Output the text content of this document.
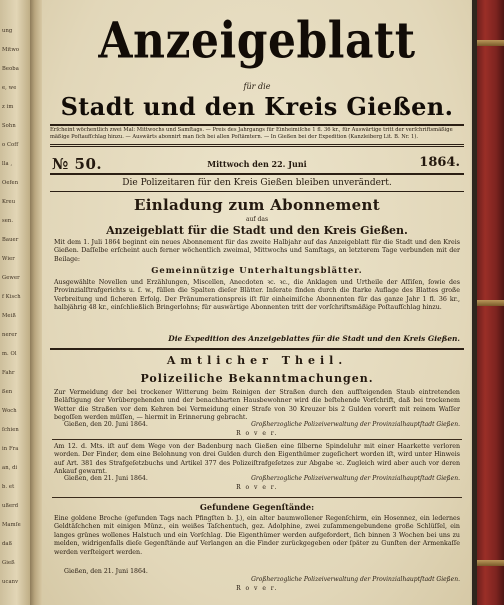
ung
Mitwo
Beoba
e, we
z im
Sohn
o Coff
lla ,
Oefen
Kreu
sen.
Bauer
Wier
Gewer
f Kisch
Meiß
nerer
m. Ol
Fahr
ßen
Woch
ſchien
in Fra
an, di
b. et
ußerd
Mamſe
daß
Gieß
ucanv
Anzeigeblatt
für die
Stadt und den Kreis Gießen.
Erſcheint wöchentlich zwei Mal: Mittwochs und Samſtags. — Preis des Jahrgangs für Einheimiſche 1 fl. 36 kr., für Auswärtige tritt der verſchriftsmäßige
mäßige Poſtaufſchlag hinzu. — Auswärts abonnirt man ſich bei allen Poſtämtern. — In Gießen bei der Expedition (Kanzleiberg Lit. B. Nr. 1).
№ 50.	Mittwoch den 22. Juni	1864.
Die Polizeitaren für den Kreis Gießen bleiben unverändert.
Einladung zum Abonnement
auf das
Anzeigeblatt für die Stadt und den Kreis Gießen.
Mit dem 1. Juli 1864 beginnt ein neues Abonnement für das zweite Halbjahr auf das Anzeigeblatt für die Stadt und den Kreis Gießen. Daſſelbe erſcheint auch ferner wöchentlich zweimal, Mittwochs und Samſtags, an letzterem Tage verbunden mit der Beilage:
Gemeinnützige Unterhaltungsblätter.
Ausgewählte Novellen und Erzählungen, Miscellen, Anecdoten ꝛc. ꝛc., die Anklagen und Urtheile der Aſſiſen, ſowie des Provinzialſtrafgerichts u. ſ. w., füllen die Spalten dieſer Blätter. Inſerate finden durch die ſtarke Auflage des Blattes große Verbreitung und ſicheren Erfolg. Der Pränumerationspreis iſt für einheimiſche Abonnenten für das ganze Jahr 1 fl. 36 kr., halbjährig 48 kr., einſchließlich Bringerlohns; für auswärtige Abonnenten tritt der vorſchriftsmäßige Poſtaufſchlag hinzu.
Die Expedition des Anzeigeblattes für die Stadt und den Kreis Gießen.
Amtlicher Theil.
Polizeiliche Bekanntmachungen.
Zur Vermeidung der bei trockener Witterung beim Reinigen der Straßen durch den aufſteigenden Staub eintretenden Beläſtigung der Vorübergehenden und der benachbarten Hausbewohner wird die beſtehende Vorſchrift, daß bei trockenem Wetter die Straßen vor dem Kehren bei Vermeidung einer Strafe von 30 Kreuzer bis 2 Gulden vorerſt mit reinem Waſſer begoſſen werden müſſen, — hiermit in Erinnerung gebracht.
Gießen, den 20. Juni 1864.	Großherzogliche Polizeiverwaltung der Provinzialhauptſtadt Gießen.
R o v e r.
Am 12. d. Mts. iſt auf dem Wege von der Badenburg nach Gießen eine ſilberne Spindeluhr mit einer Haarkette verloren worden. Der Finder, dem eine Belohnung von drei Gulden durch den Eigenthümer zugeſichert worden iſt, wird unter Hinweis auf Art. 381 des Strafgeſetzbuchs und Artikel 377 des Polizeiſtrafgeſetzes zur Abgabe ꝛc. Zugleich wird aber auch vor deren Ankauf gewarnt.
Gießen, den 21. Juni 1864.	Großherzogliche Polizeiverwaltung der Provinzialhauptſtadt Gießen.
R o v e r.
Gefundene Gegenſtände:
Eine goldene Broche (gefunden Tags nach Pfingſten b. J.), ein alter baumwollener Regenſchirm, ein Hosennez, ein ledernes Geldtäſchchen mit einigen Münz., ein weißes Taſchentuch, gez. Adolphine, zwei zuſammengebundene große Schlüſſel, ein langes grünes wollenes Halstuch und ein Vorſchlag. Die Eigenthümer werden aufgefordert, ſich binnen 3 Wochen bei uns zu melden, widrigenfalls dieſe Gegenſtände auf Verlangen an die Finder zurückgegeben oder ſpäter zu Gunſten der Armenkaſſe werden verſteigert werden.
Gießen, den 21. Juni 1864.
Großherzogliche Polizeiverwaltung der Provinzialhauptſtadt Gießen.
R o v e r.
